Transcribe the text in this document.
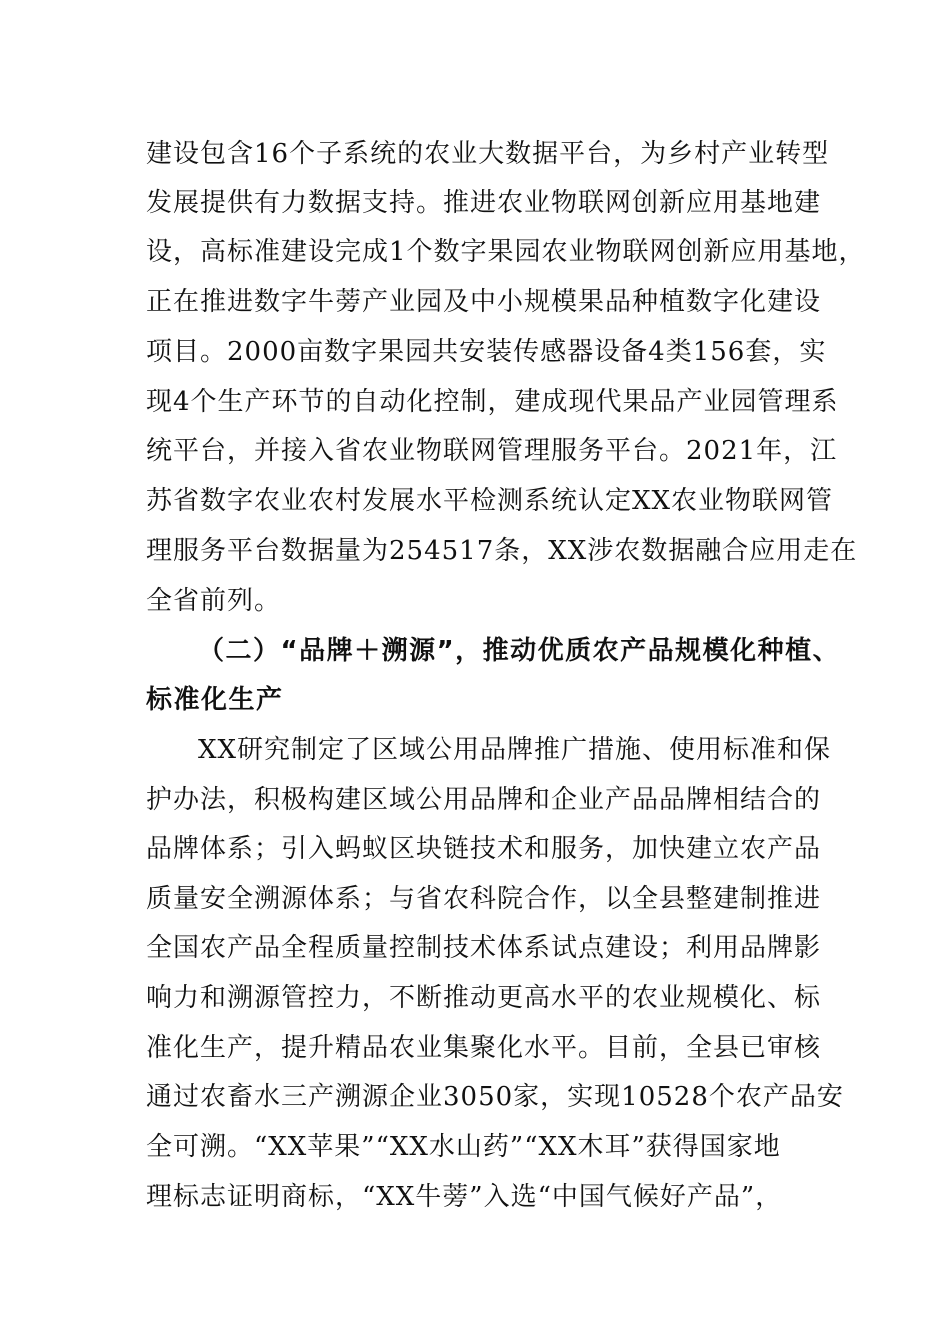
建设包含16个子系统的农业大数据平台，为乡村产业转型
发展提供有力数据支持。推进农业物联网创新应用基地建
设，高标准建设完成1个数字果园农业物联网创新应用基地，
正在推进数字牛蒡产业园及中小规模果品种植数字化建设
项目。2000亩数字果园共安装传感器设备4类156套，实
现4个生产环节的自动化控制，建成现代果品产业园管理系
统平台，并接入省农业物联网管理服务平台。2021年，江
苏省数字农业农村发展水平检测系统认定XX农业物联网管
理服务平台数据量为254517条，XX涉农数据融合应用走在
全省前列。
（二）“品牌＋溯源”，推动优质农产品规模化种植、
标准化生产
XX研究制定了区域公用品牌推广措施、使用标准和保
护办法，积极构建区域公用品牌和企业产品品牌相结合的
品牌体系；引入蚂蚁区块链技术和服务，加快建立农产品
质量安全溯源体系；与省农科院合作，以全县整建制推进
全国农产品全程质量控制技术体系试点建设；利用品牌影
响力和溯源管控力，不断推动更高水平的农业规模化、标
准化生产，提升精品农业集聚化水平。目前，全县已审核
通过农畜水三产溯源企业3050家，实现10528个农产品安
全可溯。“XX苹果”“XX水山药”“XX木耳”获得国家地
理标志证明商标，“XX牛蒡”入选“中国气候好产品”，
